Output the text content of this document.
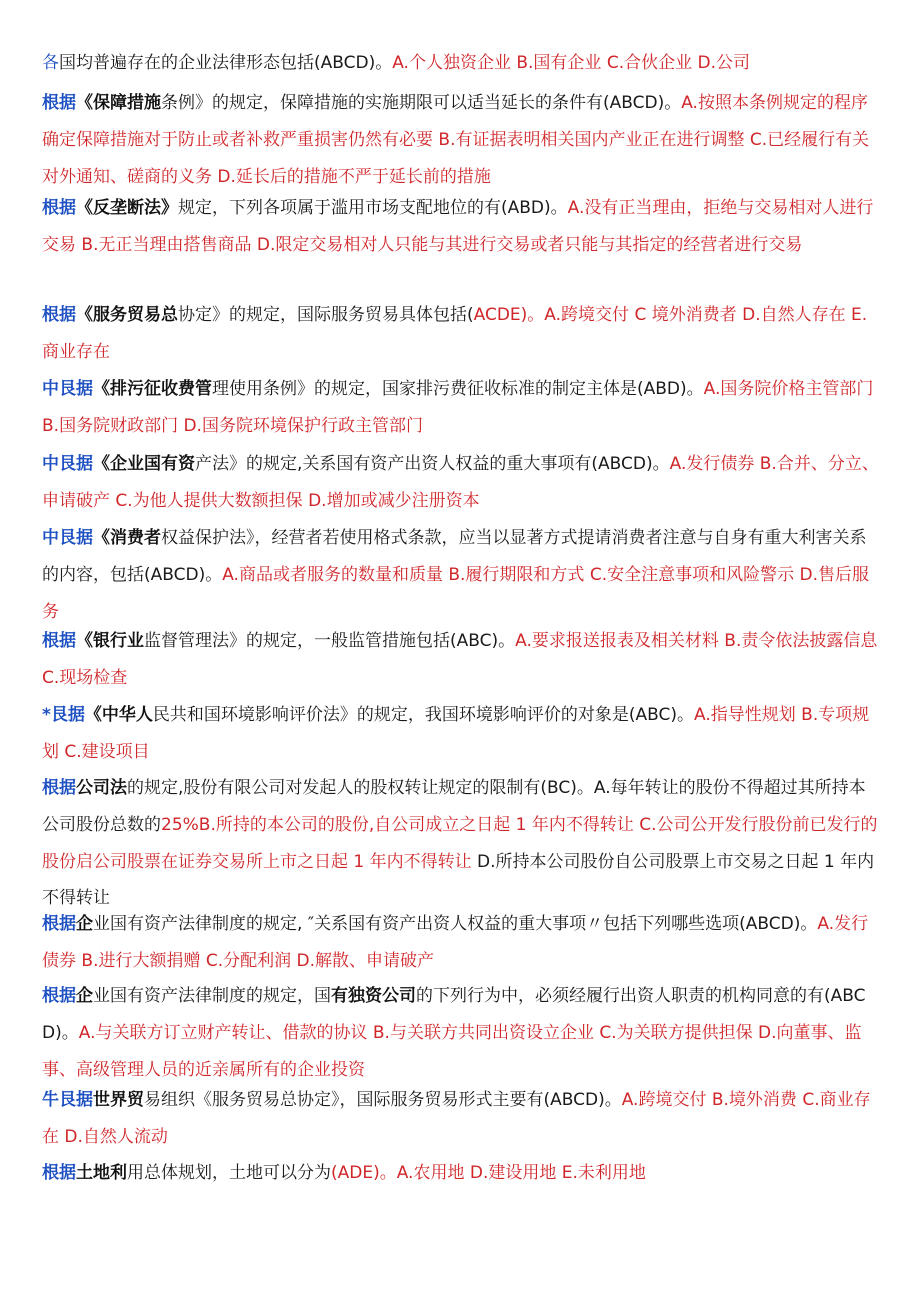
各国均普遍存在的企业法律形态包括(ABCD)。A.个人独资企业 B.国有企业 C.合伙企业 D.公司

根据《保障措施条例》的规定，保障措施的实施期限可以适当延长的条件有(ABCD)。A.按照本条例规定的程序确定保障措施对于防止或者补救严重损害仍然有必要 B.有证据表明相关国内产业正在进行调整 C.已经履行有关对外通知、磋商的义务 D.延长后的措施不严于延长前的措施

根据《反垄断法》规定，下列各项属于滥用市场支配地位的有(ABD)。A.没有正当理由，拒绝与交易相对人进行交易 B.无正当理由搭售商品 D.限定交易相对人只能与其进行交易或者只能与其指定的经营者进行交易

根据《服务贸易总协定》的规定，国际服务贸易具体包括(ACDE)。A.跨境交付 C 境外消费者 D.自然人存在 E.商业存在

中艮据《排污征收费管理使用条例》的规定，国家排污费征收标准的制定主体是(ABD)。A.国务院价格主管部门 B.国务院财政部门 D.国务院环境保护行政主管部门

中艮据《企业国有资产法》的规定,关系国有资产出资人权益的重大事项有(ABCD)。A.发行债券 B.合并、分立、申请破产 C.为他人提供大数额担保 D.增加或减少注册资本

中艮据《消费者权益保护法》，经营者若使用格式条款，应当以显著方式提请消费者注意与自身有重大利害关系的内容，包括(ABCD)。A.商品或者服务的数量和质量 B.履行期限和方式 C.安全注意事项和风险警示 D.售后服务

根据《银行业监督管理法》的规定，一般监管措施包括(ABC)。A.要求报送报表及相关材料 B.责令依法披露信息 C.现场检查

*艮据《中华人民共和国环境影响评价法》的规定，我国环境影响评价的对象是(ABC)。A.指导性规划 B.专项规划 C.建设项目

根据公司法的规定,股份有限公司对发起人的股权转让规定的限制有(BC)。A.每年转让的股份不得超过其所持本公司股份总数的25%B.所持的本公司的股份,自公司成立之日起 1 年内不得转让 C.公司公开发行股份前已发行的股份启公司股票在证券交易所上市之日起 1 年内不得转让 D.所持本公司股份自公司股票上市交易之日起 1 年内不得转让

根据企业国有资产法律制度的规定, ″关系国有资产出资人权益的重大事项〃包括下列哪些选项(ABCD)。A.发行债券 B.进行大额捐赠 C.分配利润 D.解散、申请破产

根据企业国有资产法律制度的规定，国有独资公司的下列行为中，必须经履行出资人职责的机构同意的有(ABCD)。A.与关联方订立财产转让、借款的协议 B.与关联方共同出资设立企业 C.为关联方提供担保 D.向董事、监事、高级管理人员的近亲属所有的企业投资

牛艮据世界贸易组织《服务贸易总协定》，国际服务贸易形式主要有(ABCD)。A.跨境交付 B.境外消费 C.商业存在 D.自然人流动

根据土地利用总体规划，土地可以分为(ADE)。A.农用地 D.建设用地 E.未利用地
